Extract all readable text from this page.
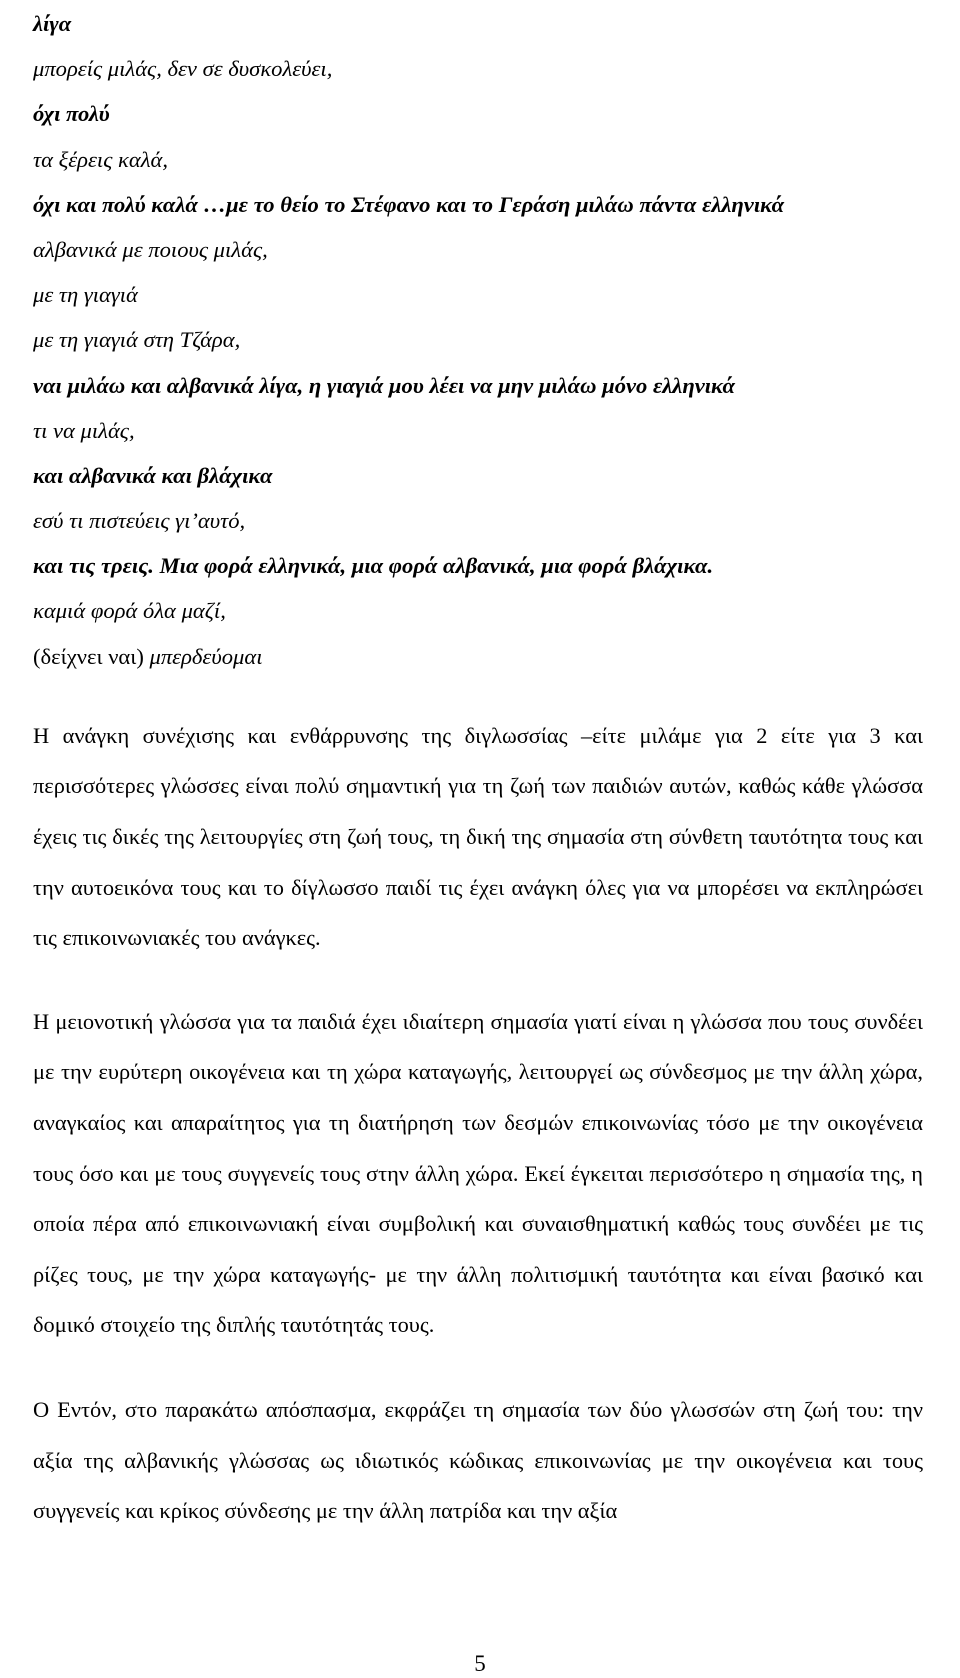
λίγα
μπορείς μιλάς, δεν σε δυσκολεύει,
όχι πολύ
τα ξέρεις καλά,
όχι και πολύ καλά …με το θείο το Στέφανο και το Γεράση μιλάω πάντα ελληνικά
αλβανικά με ποιους μιλάς,
με τη γιαγιά
με τη γιαγιά στη Τζάρα,
ναι μιλάω και αλβανικά λίγα, η γιαγιά μου λέει να μην μιλάω μόνο ελληνικά
τι να μιλάς,
και αλβανικά και βλάχικα
εσύ τι πιστεύεις γι’αυτό,
και τις τρεις. Μια φορά ελληνικά, μια φορά αλβανικά, μια φορά βλάχικα.
καμιά φορά όλα μαζί,
(δείχνει ναι) μπερδεύομαι

Η ανάγκη συνέχισης και ενθάρρυνσης της διγλωσσίας –είτε μιλάμε για 2 είτε για 3 και περισσότερες γλώσσες είναι πολύ σημαντική για τη ζωή των παιδιών αυτών, καθώς κάθε γλώσσα έχεις τις δικές της λειτουργίες στη ζωή τους, τη δική της σημασία στη σύνθετη ταυτότητα τους και την αυτοεικόνα τους και το δίγλωσσο παιδί τις έχει ανάγκη όλες για να μπορέσει να εκπληρώσει τις επικοινωνιακές του ανάγκες.

Η μειονοτική γλώσσα για τα παιδιά έχει ιδιαίτερη σημασία γιατί είναι η γλώσσα που τους συνδέει με την ευρύτερη οικογένεια και τη χώρα καταγωγής, λειτουργεί ως σύνδεσμος με την άλλη χώρα, αναγκαίος και απαραίτητος για τη διατήρηση των δεσμών επικοινωνίας τόσο με την οικογένεια τους όσο και με τους συγγενείς τους στην άλλη χώρα. Εκεί έγκειται περισσότερο η σημασία της, η οποία πέρα από επικοινωνιακή είναι συμβολική και συναισθηματική καθώς τους συνδέει με τις ρίζες τους, με την χώρα καταγωγής- με την άλλη πολιτισμική ταυτότητα και είναι βασικό και δομικό στοιχείο της διπλής ταυτότητάς τους.

Ο Εντόν, στο παρακάτω απόσπασμα, εκφράζει τη σημασία των δύο γλωσσών στη ζωή του: την αξία της αλβανικής γλώσσας ως ιδιωτικός κώδικας επικοινωνίας με την οικογένεια και τους συγγενείς και κρίκος σύνδεσης με την άλλη πατρίδα και την αξία

5
